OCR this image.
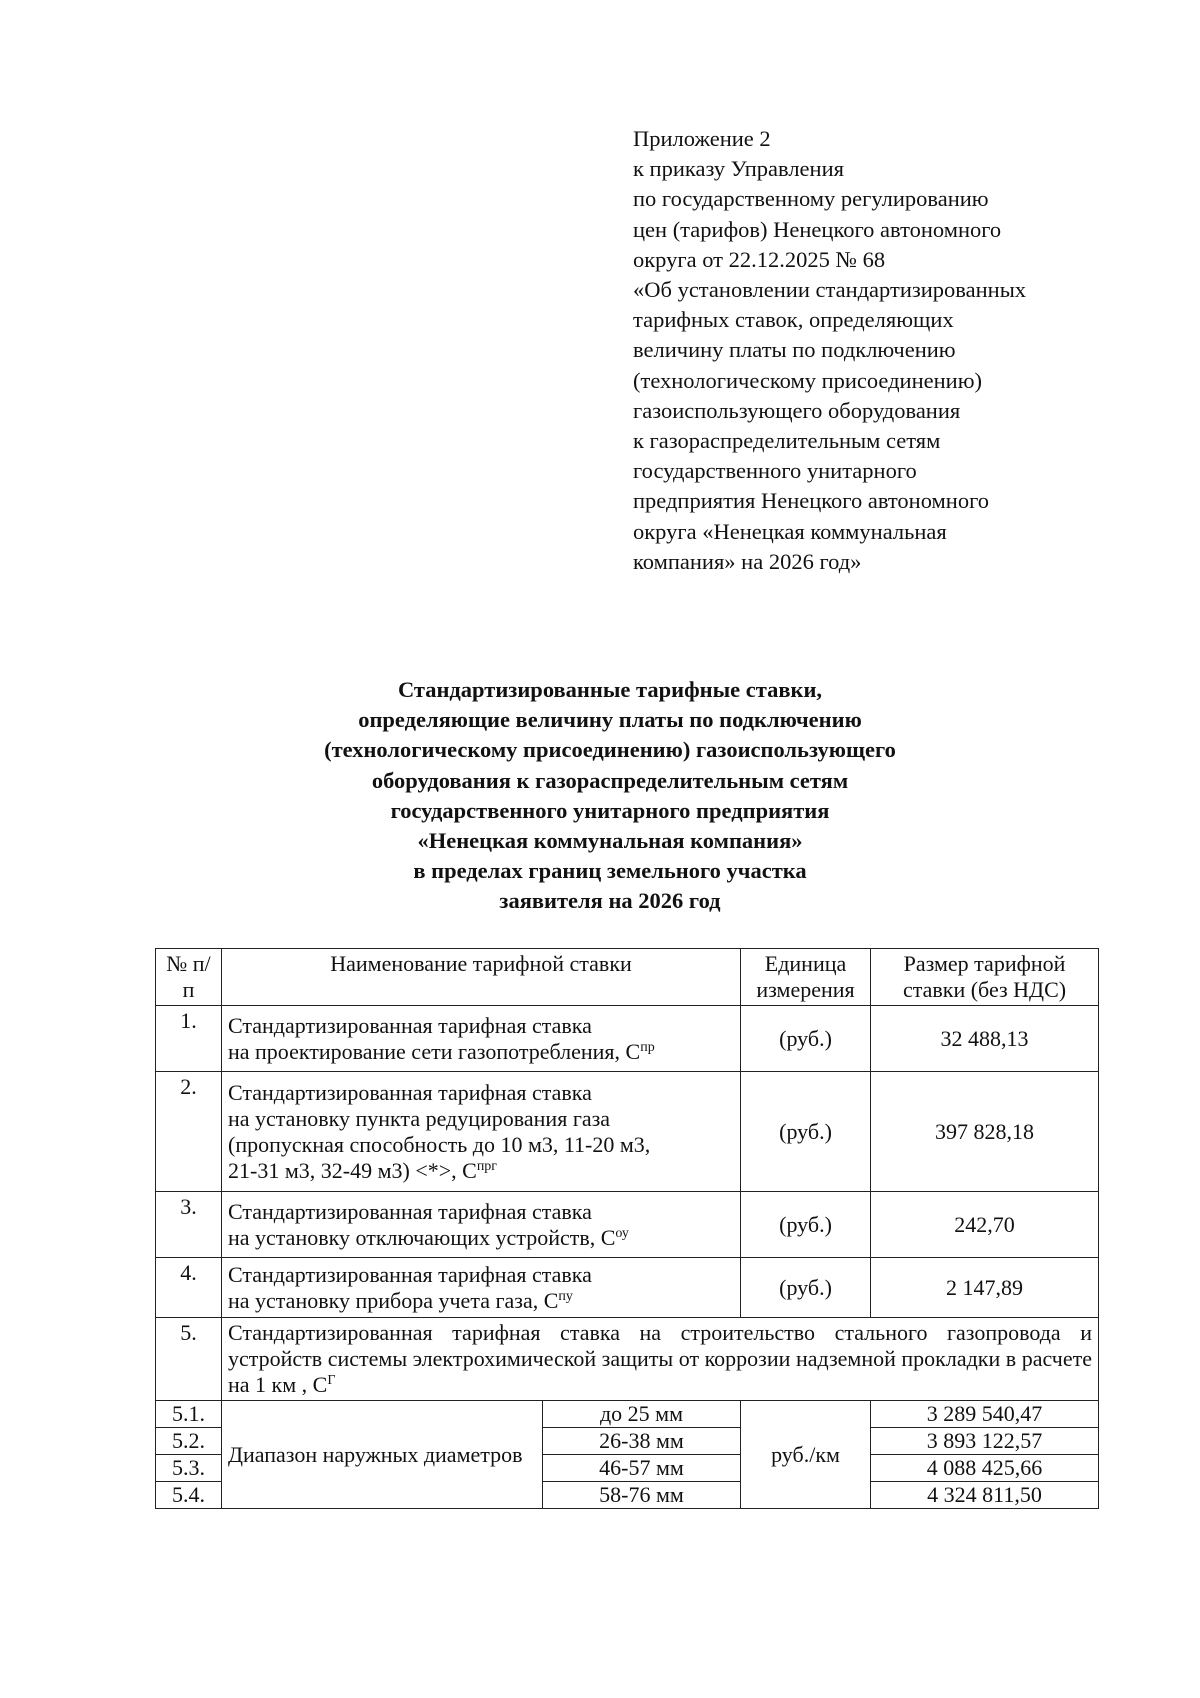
Приложение 2
к приказу Управления
по государственному регулированию
цен (тарифов) Ненецкого автономного
округа от 22.12.2025 № 68
«Об установлении стандартизированных
тарифных ставок, определяющих
величину платы по подключению
(технологическому присоединению)
газоиспользующего оборудования
к газораспределительным сетям
государственного унитарного
предприятия Ненецкого автономного
округа «Ненецкая коммунальная
компания» на 2026 год»
Стандартизированные тарифные ставки,
определяющие величину платы по подключению
(технологическому присоединению) газоиспользующего
оборудования к газораспределительным сетям
государственного унитарного предприятия
«Ненецкая коммунальная компания»
в пределах границ земельного участка
заявителя на 2026 год
№ п/п	Наименование тарифной ставки		Единица измерения	Размер тарифной ставки (без НДС)
1.	Стандартизированная тарифная ставка
на проектирование сети газопотребления, $С^{пр}$		(руб.)	32 488,13
2.	Стандартизированная тарифная ставка
на установку пункта редуцирования газа
(пропускная способность до 10 м3, 11-20 м3,
21-31 м3, 32-49 м3) <*>, $С^{прг}$		(руб.)	397 828,18
3.	Стандартизированная тарифная ставка
на установку отключающих устройств, $С^{оу}$		(руб.)	242,70
4.	Стандартизированная тарифная ставка
на установку прибора учета газа, $С^{пу}$		(руб.)	2 147,89
5.	Стандартизированная тарифная ставка на строительство стального газопровода и устройств системы электрохимической защиты от коррозии надземной прокладки в расчете на 1 км , $С^Г$
5.1.	Диапазон наружных диаметров	до 25 мм	руб./км	3 289 540,47
5.2.		26-38 мм		3 893 122,57
5.3.		46-57 мм		4 088 425,66
5.4.		58-76 мм		4 324 811,50
